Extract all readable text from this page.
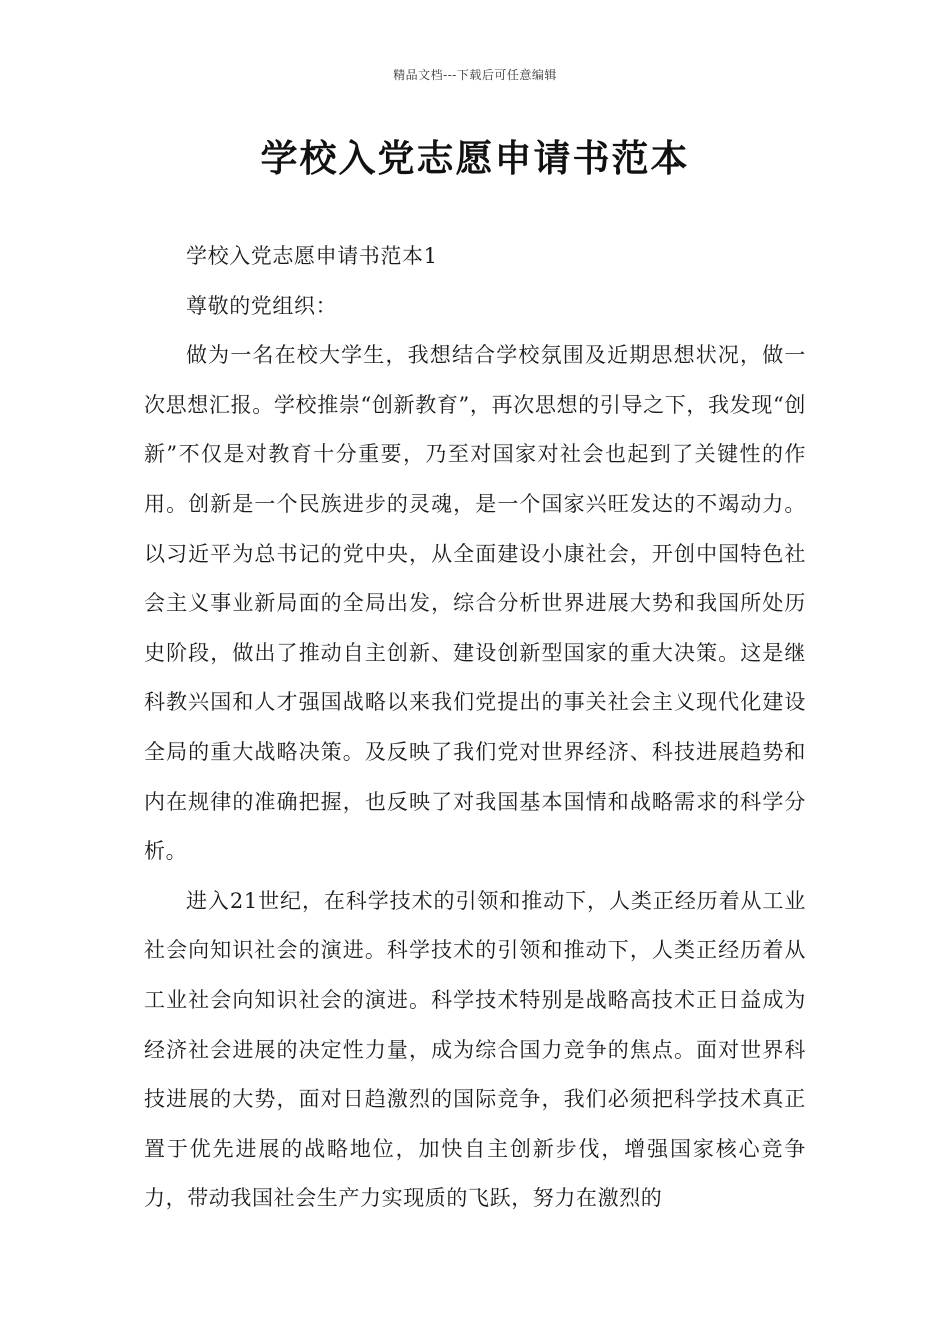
精品文档---下载后可任意编辑
学校入党志愿申请书范本

学校入党志愿申请书范本1

尊敬的党组织：

做为一名在校大学生，我想结合学校氛围及近期思想状况，做一次思想汇报。学校推崇“创新教育”，再次思想的引导之下，我发现“创新”不仅是对教育十分重要，乃至对国家对社会也起到了关键性的作用。创新是一个民族进步的灵魂，是一个国家兴旺发达的不竭动力。以习近平为总书记的党中央，从全面建设小康社会，开创中国特色社会主义事业新局面的全局出发，综合分析世界进展大势和我国所处历史阶段，做出了推动自主创新、建设创新型国家的重大决策。这是继科教兴国和人才强国战略以来我们党提出的事关社会主义现代化建设全局的重大战略决策。及反映了我们党对世界经济、科技进展趋势和内在规律的准确把握，也反映了对我国基本国情和战略需求的科学分析。

进入21世纪，在科学技术的引领和推动下，人类正经历着从工业社会向知识社会的演进。科学技术的引领和推动下，人类正经历着从工业社会向知识社会的演进。科学技术特别是战略高技术正日益成为经济社会进展的决定性力量，成为综合国力竞争的焦点。面对世界科技进展的大势，面对日趋激烈的国际竞争，我们必须把科学技术真正置于优先进展的战略地位，加快自主创新步伐，增强国家核心竞争力，带动我国社会生产力实现质的飞跃，努力在激烈的
